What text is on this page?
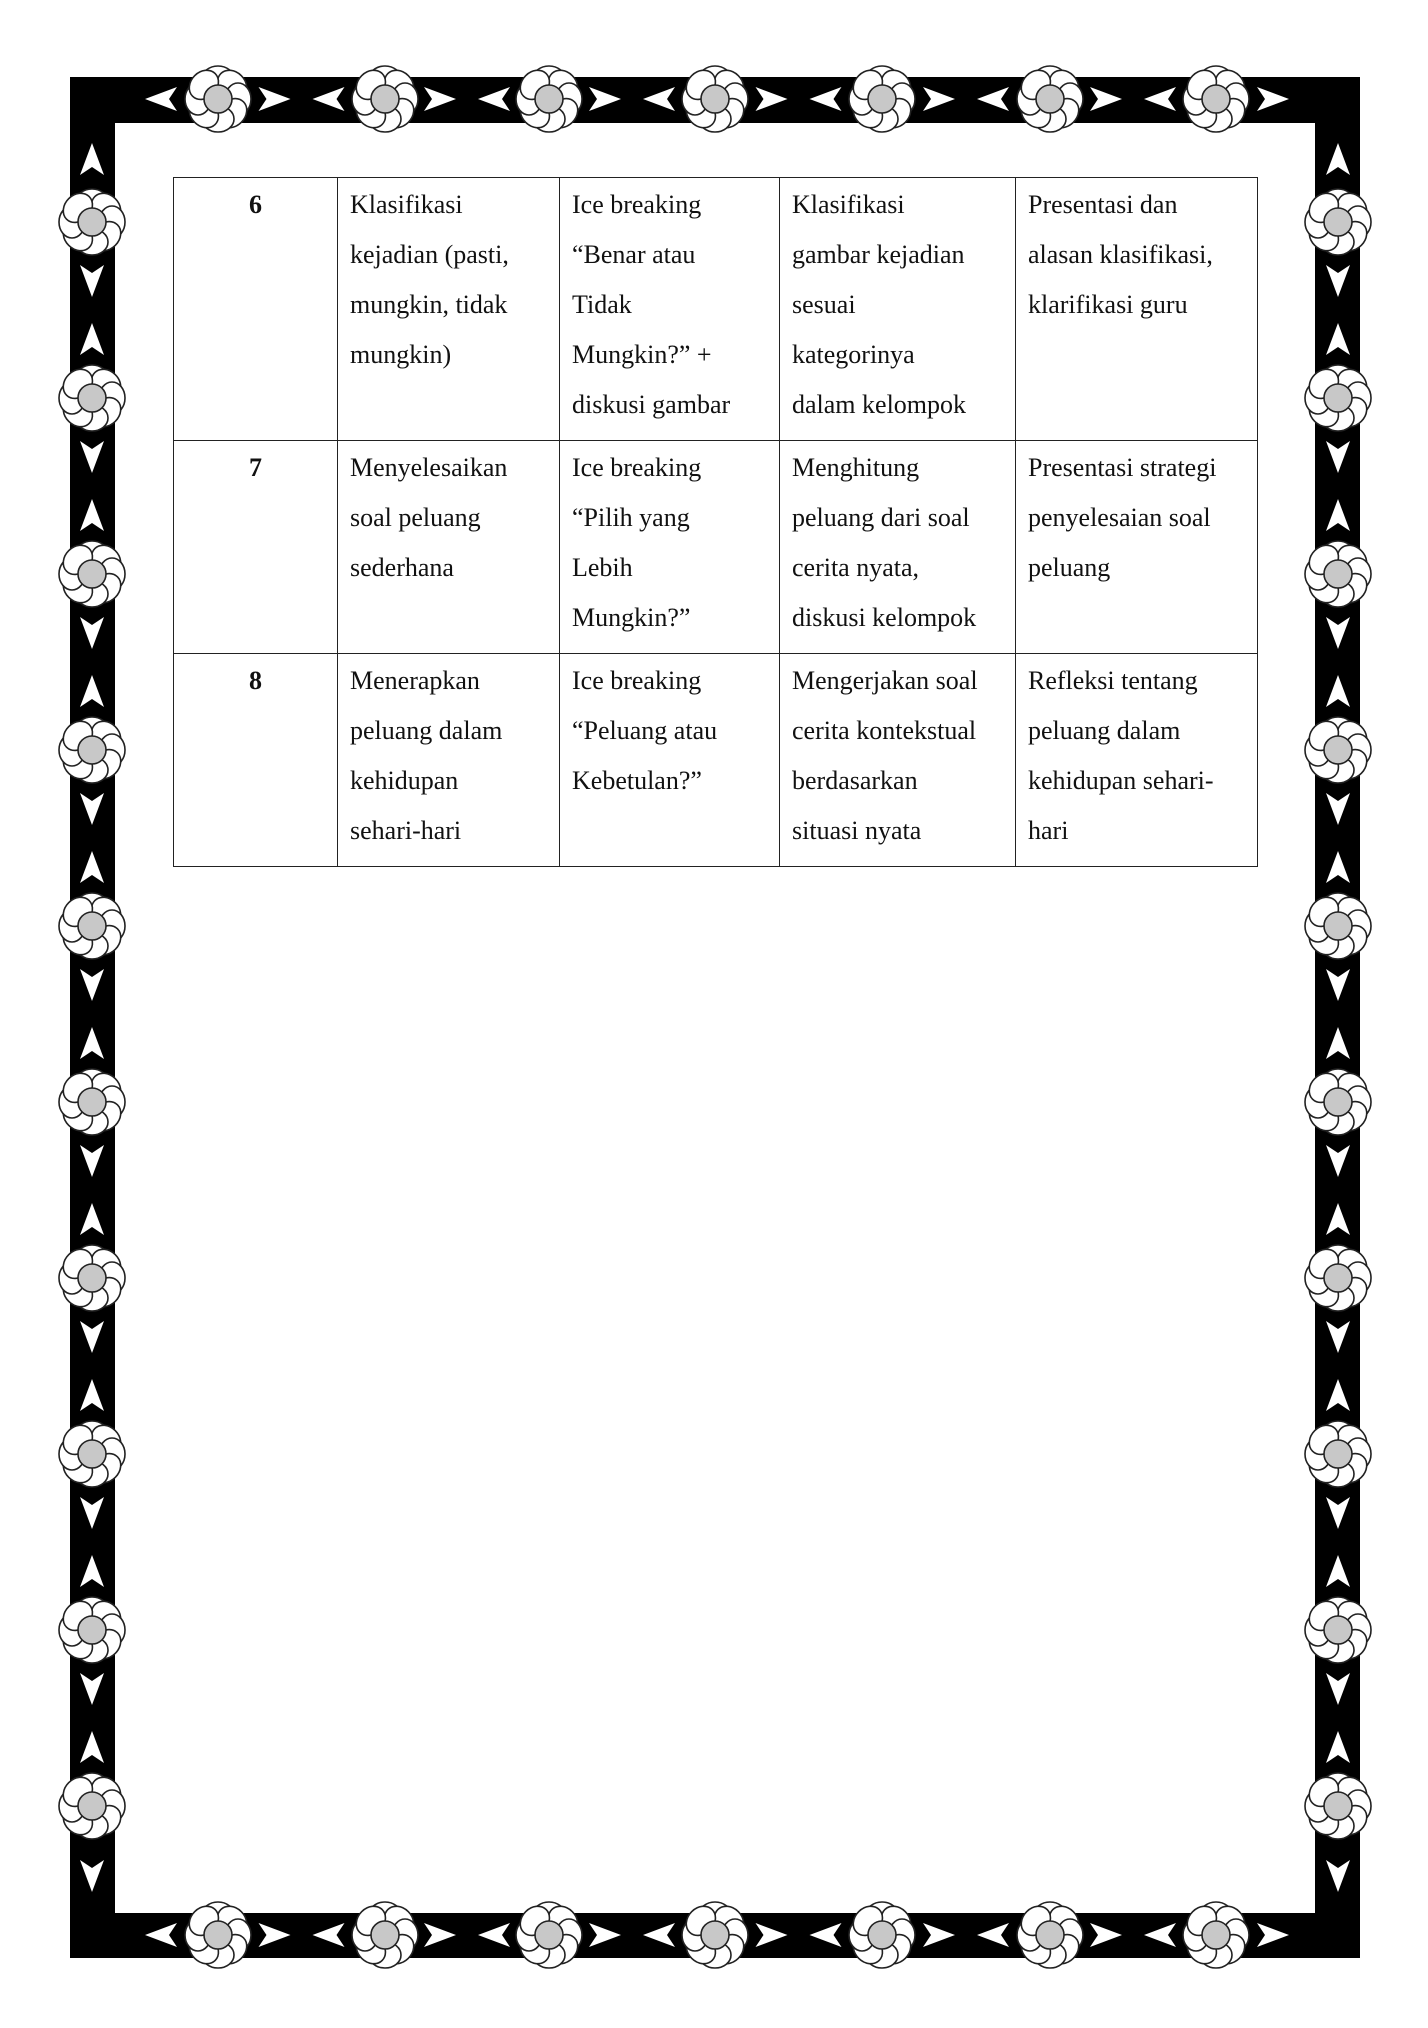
6	Klasifikasi
kejadian (pasti,
mungkin, tidak
mungkin)	Ice breaking
“Benar atau
Tidak
Mungkin?” +
diskusi gambar	Klasifikasi
gambar kejadian
sesuai
kategorinya
dalam kelompok	Presentasi dan
alasan klasifikasi,
klarifikasi guru

7	Menyelesaikan
soal peluang
sederhana	Ice breaking
“Pilih yang
Lebih
Mungkin?”	Menghitung
peluang dari soal
cerita nyata,
diskusi kelompok	Presentasi strategi
penyelesaian soal
peluang

8	Menerapkan
peluang dalam
kehidupan
sehari-hari	Ice breaking
“Peluang atau
Kebetulan?”	Mengerjakan soal
cerita kontekstual
berdasarkan
situasi nyata	Refleksi tentang
peluang dalam
kehidupan sehari-
hari
